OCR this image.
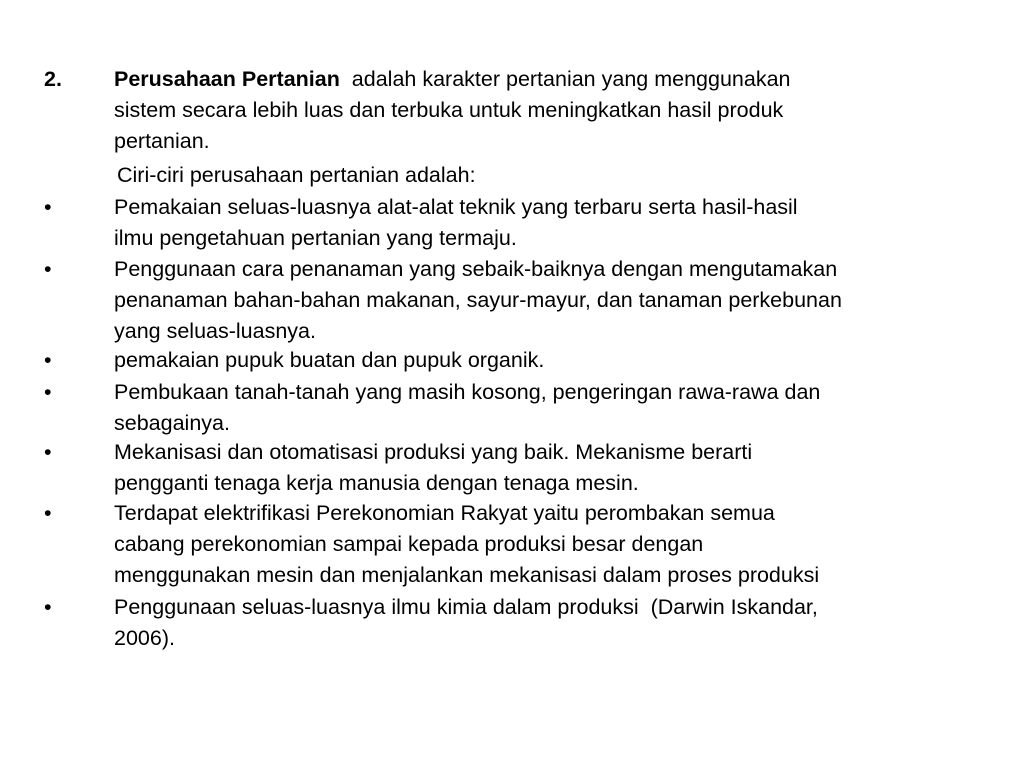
2.	Perusahaan Pertanian  adalah karakter pertanian yang menggunakan
sistem secara lebih luas dan terbuka untuk meningkatkan hasil produk
pertanian.
Ciri-ciri perusahaan pertanian adalah:
•	Pemakaian seluas-luasnya alat-alat teknik yang terbaru serta hasil-hasil
ilmu pengetahuan pertanian yang termaju.
•	Penggunaan cara penanaman yang sebaik-baiknya dengan mengutamakan
penanaman bahan-bahan makanan, sayur-mayur, dan tanaman perkebunan
yang seluas-luasnya.
•	pemakaian pupuk buatan dan pupuk organik.
•	Pembukaan tanah-tanah yang masih kosong, pengeringan rawa-rawa dan
sebagainya.
•	Mekanisasi dan otomatisasi produksi yang baik. Mekanisme berarti
pengganti tenaga kerja manusia dengan tenaga mesin.
•	Terdapat elektrifikasi Perekonomian Rakyat yaitu perombakan semua
cabang perekonomian sampai kepada produksi besar dengan
menggunakan mesin dan menjalankan mekanisasi dalam proses produksi
•	Penggunaan seluas-luasnya ilmu kimia dalam produksi  (Darwin Iskandar,
2006).
